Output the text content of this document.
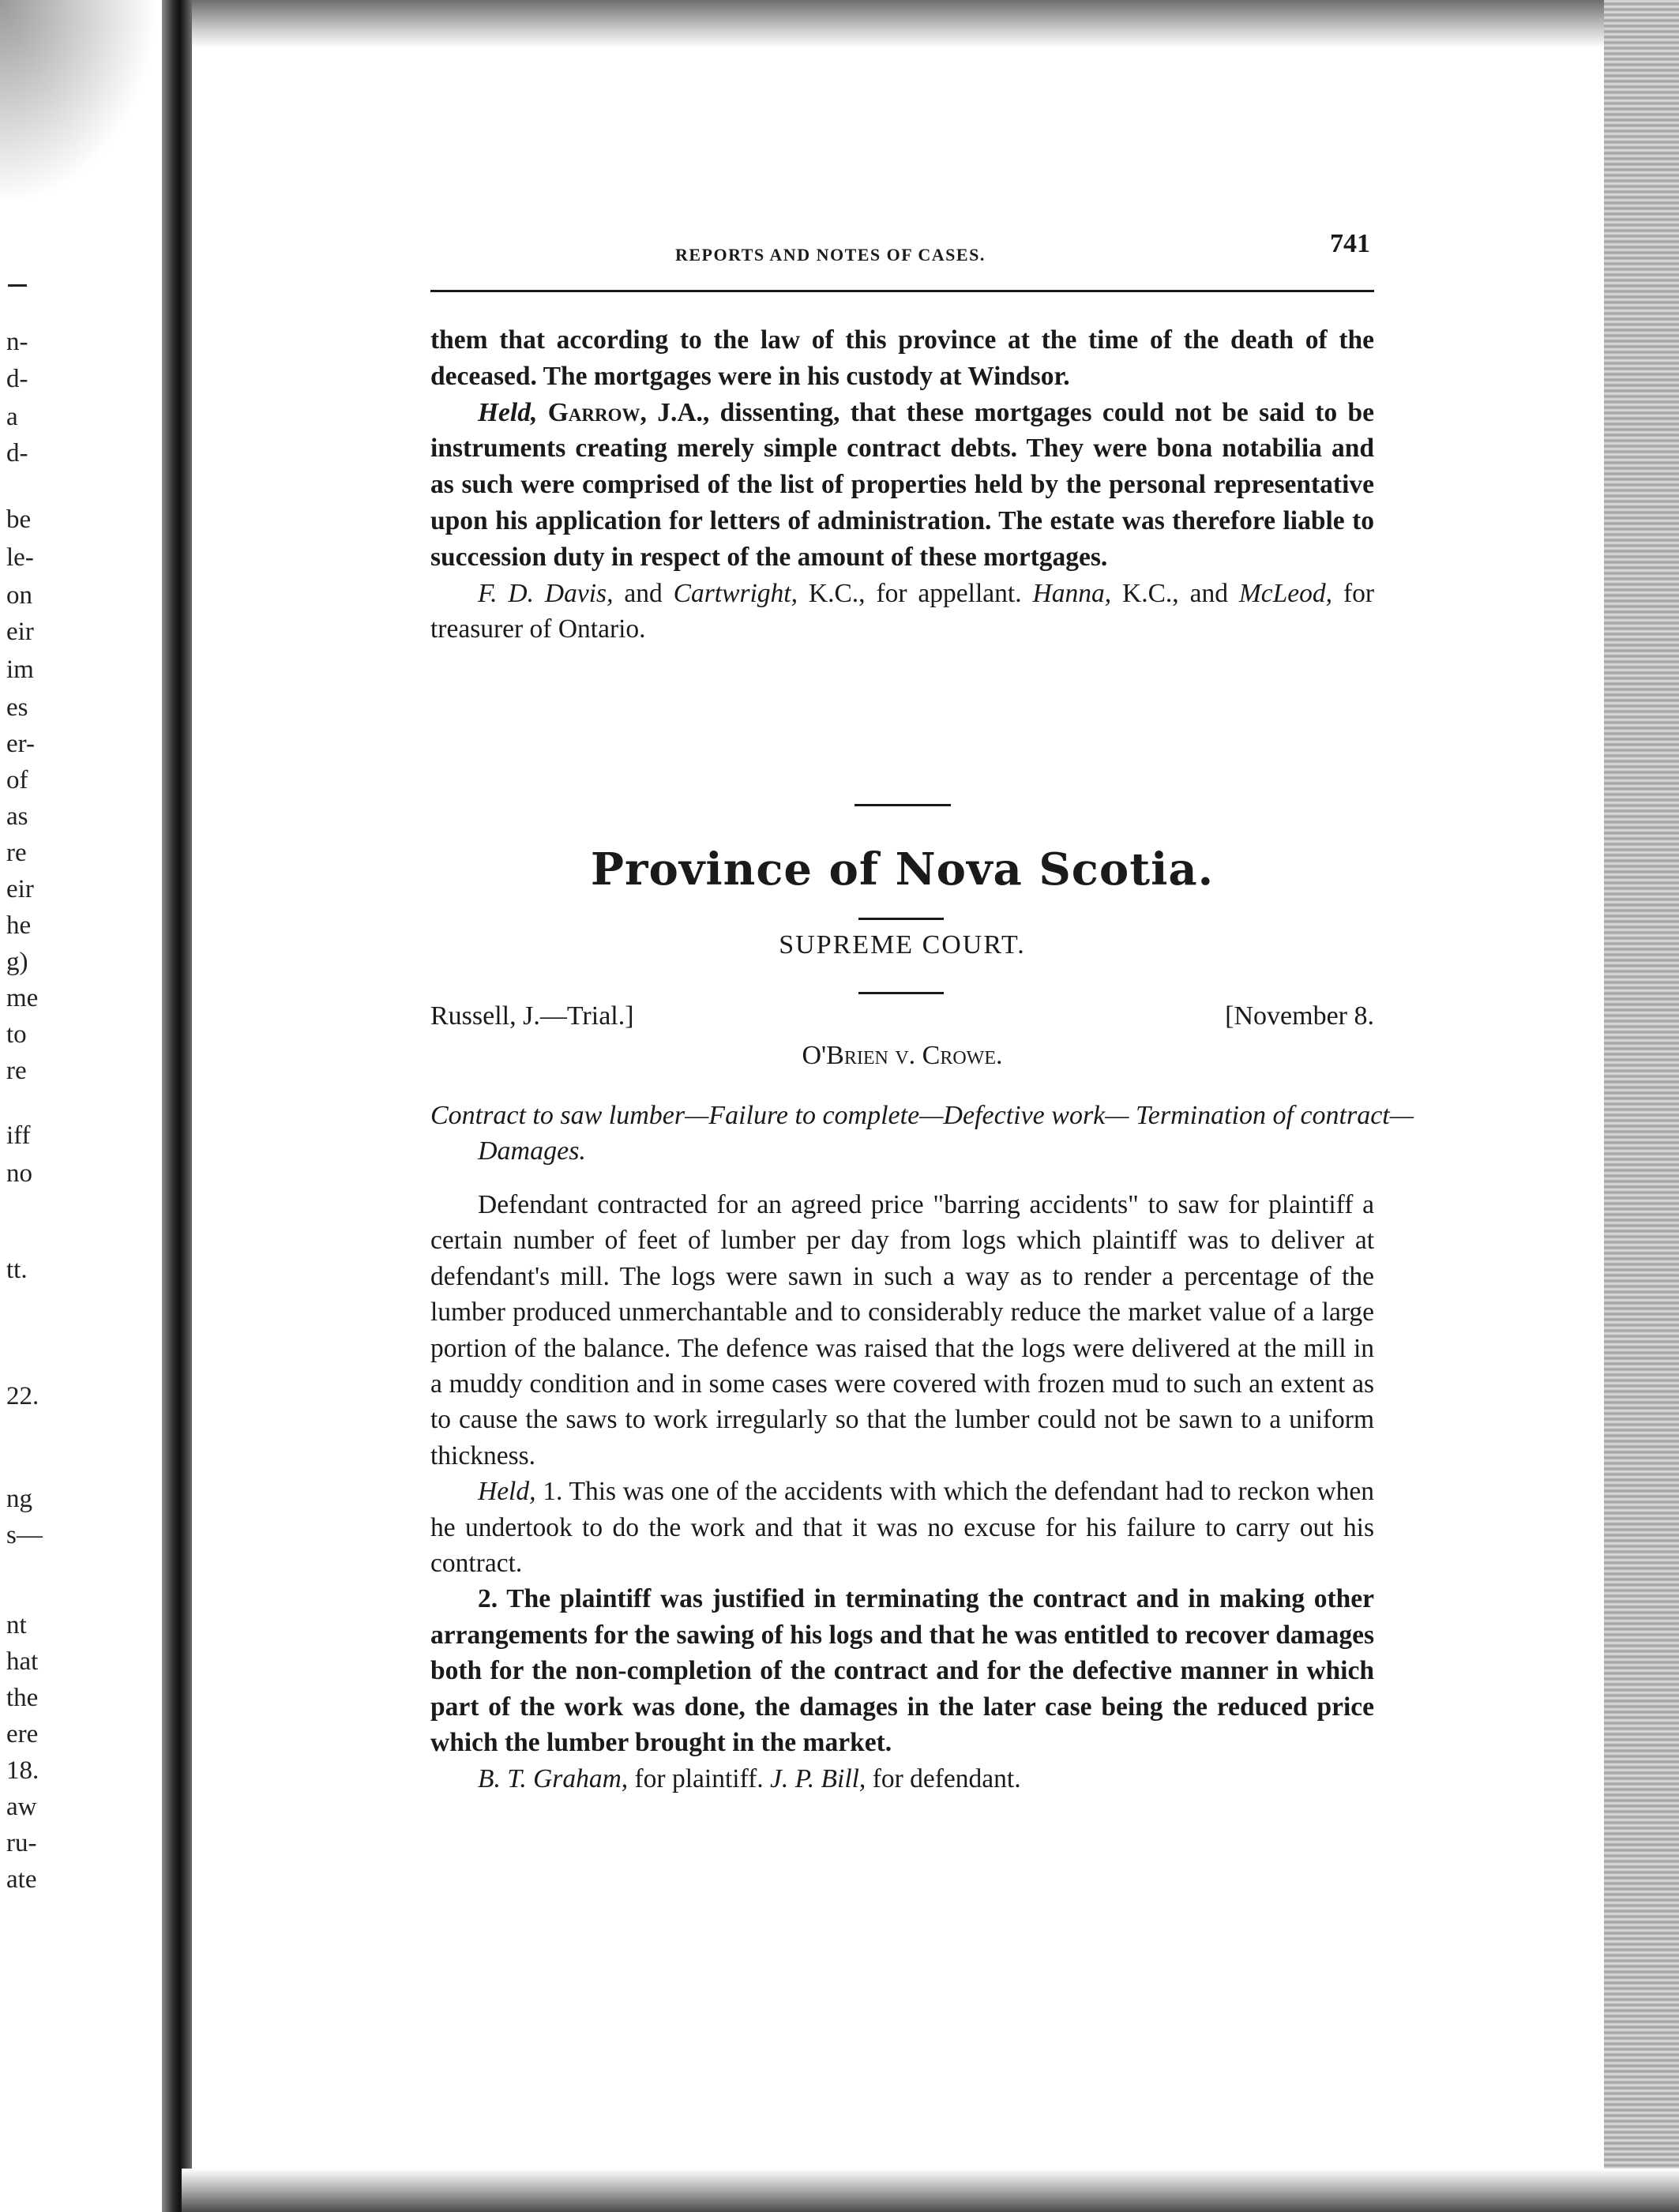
n-
d-
a
d-
be
le-
on
eir
im
es
er-
of
as
re
eir
he
g)
me
to
re
iff
no
tt.
22.
ng
s—
nt
hat
the
ere
18.
aw
ru-
ate
REPORTS AND NOTES OF CASES.	741

them that according to the law of this province at the time of the death of the deceased. The mortgages were in his custody at Windsor.

Held, Garrow, J.A., dissenting, that these mortgages could not be said to be instruments creating merely simple contract debts. They were bona notabilia and as such were comprised of the list of properties held by the personal representative upon his application for letters of administration. The estate was therefore liable to succession duty in respect of the amount of these mortgages.

F. D. Davis, and Cartwright, K.C., for appellant. Hanna, K.C., and McLeod, for treasurer of Ontario.

Province of Nova Scotia.
SUPREME COURT.
Russell, J.—Trial.]	[November 8.
O'Brien v. Crowe.
Contract to saw lumber—Failure to complete—Defective work— Termination of contract—Damages.

Defendant contracted for an agreed price "barring accidents" to saw for plaintiff a certain number of feet of lumber per day from logs which plaintiff was to deliver at defendant's mill. The logs were sawn in such a way as to render a percentage of the lumber produced unmerchantable and to considerably reduce the market value of a large portion of the balance. The defence was raised that the logs were delivered at the mill in a muddy condition and in some cases were covered with frozen mud to such an extent as to cause the saws to work irregularly so that the lumber could not be sawn to a uniform thickness.

Held, 1. This was one of the accidents with which the defendant had to reckon when he undertook to do the work and that it was no excuse for his failure to carry out his contract.

2. The plaintiff was justified in terminating the contract and in making other arrangements for the sawing of his logs and that he was entitled to recover damages both for the non-completion of the contract and for the defective manner in which part of the work was done, the damages in the later case being the reduced price which the lumber brought in the market.

B. T. Graham, for plaintiff. J. P. Bill, for defendant.
